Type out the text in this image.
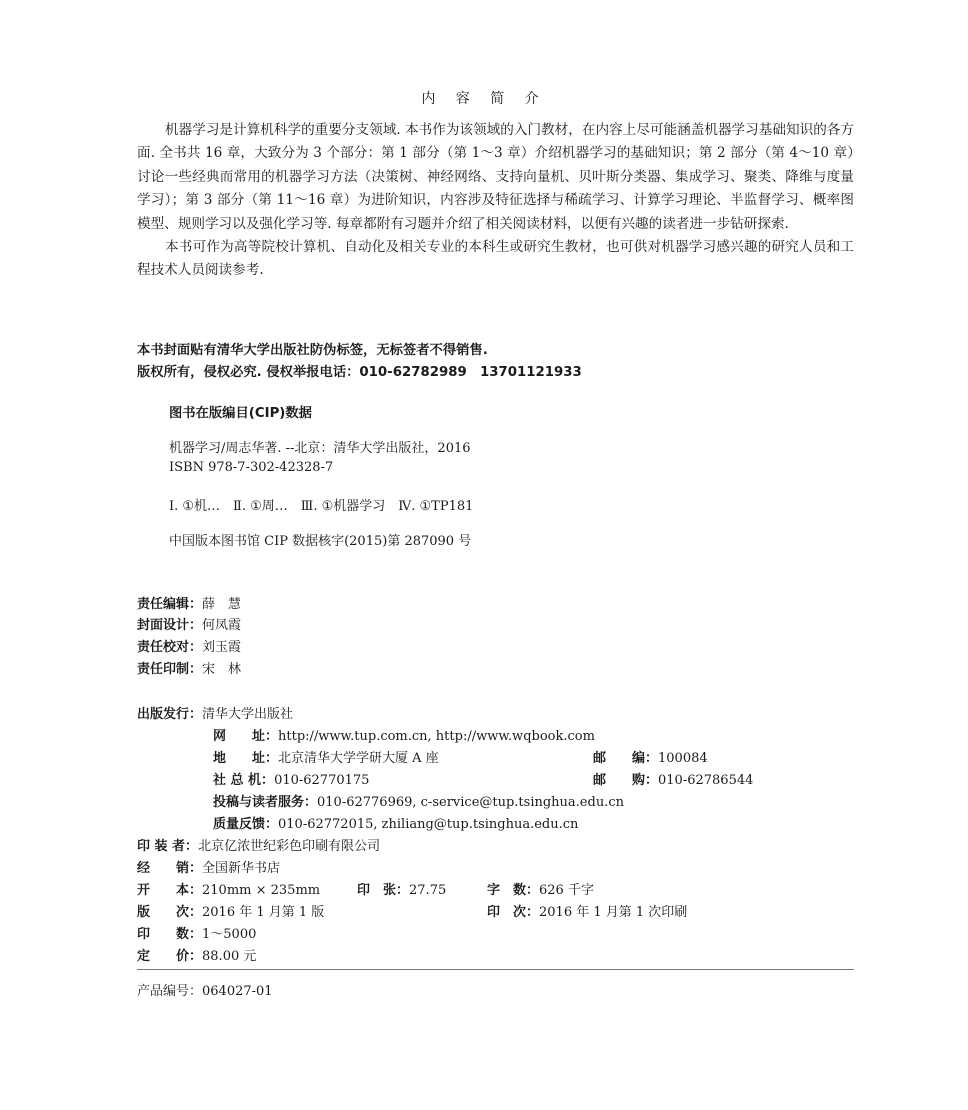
内 容 简 介

机器学习是计算机科学的重要分支领域. 本书作为该领域的入门教材，在内容上尽可能涵盖机器学习基础知识的各方面. 全书共 16 章，大致分为 3 个部分：第 1 部分（第 1～3 章）介绍机器学习的基础知识；第 2 部分（第 4～10 章）讨论一些经典而常用的机器学习方法（决策树、神经网络、支持向量机、贝叶斯分类器、集成学习、聚类、降维与度量学习）；第 3 部分（第 11～16 章）为进阶知识，内容涉及特征选择与稀疏学习、计算学习理论、半监督学习、概率图模型、规则学习以及强化学习等. 每章都附有习题并介绍了相关阅读材料，以便有兴趣的读者进一步钻研探索.

本书可作为高等院校计算机、自动化及相关专业的本科生或研究生教材，也可供对机器学习感兴趣的研究人员和工程技术人员阅读参考.

本书封面贴有清华大学出版社防伪标签，无标签者不得销售.
版权所有，侵权必究. 侵权举报电话：010-62782989　13701121933
图书在版编目(CIP)数据
机器学习/周志华著. --北京：清华大学出版社，2016
ISBN 978-7-302-42328-7
Ⅰ. ①机…　Ⅱ. ①周…　Ⅲ. ①机器学习　Ⅳ. ①TP181
中国版本图书馆 CIP 数据核字(2015)第 287090 号
责任编辑：薛　慧
封面设计：何凤霞
责任校对：刘玉霞
责任印制：宋　林
出版发行：清华大学出版社
网　　址：http://www.tup.com.cn, http://www.wqbook.com
地　　址：北京清华大学学研大厦 A 座	邮　　编：100084
社 总 机：010-62770175	邮　　购：010-62786544
投稿与读者服务：010-62776969, c-service@tup.tsinghua.edu.cn
质量反馈：010-62772015, zhiliang@tup.tsinghua.edu.cn
印 装 者：北京亿浓世纪彩色印刷有限公司
经　　销：全国新华书店
开　　本：210mm × 235mm	印　张：27.75	字　数：626 千字
版　　次：2016 年 1 月第 1 版	印　次：2016 年 1 月第 1 次印刷
印　　数：1～5000
定　　价：88.00 元
产品编号：064027-01
